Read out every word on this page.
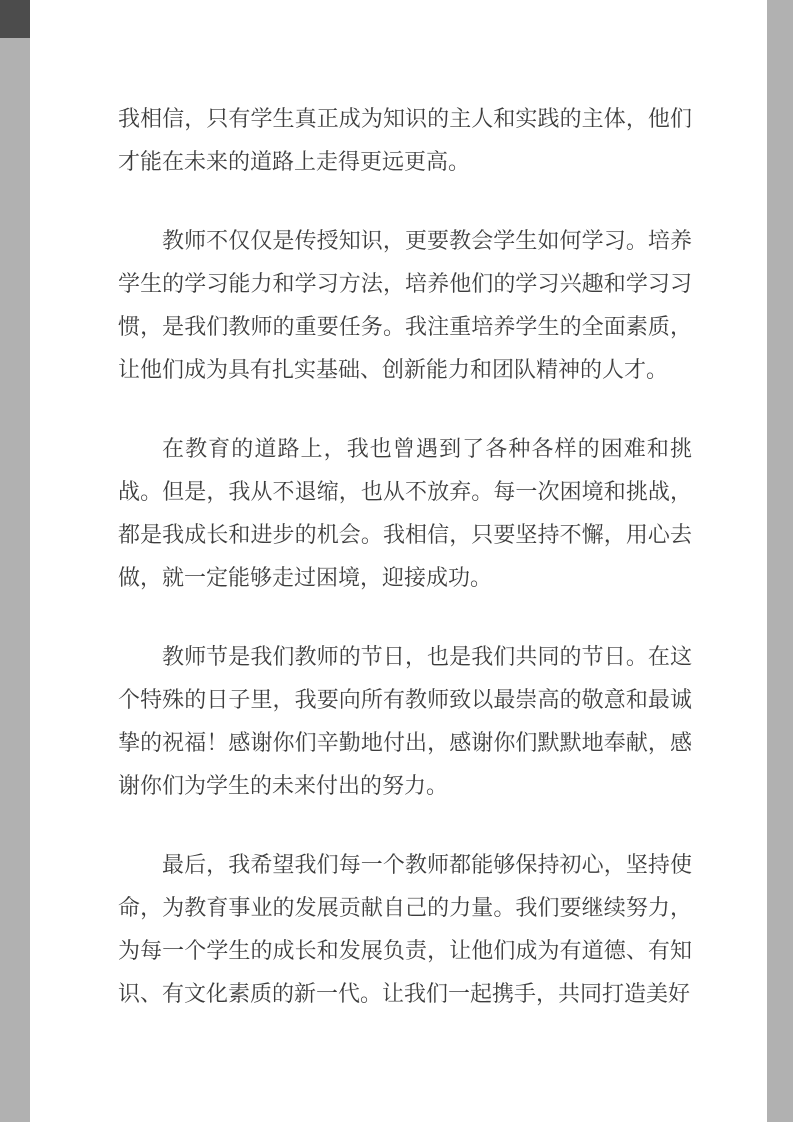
我相信，只有学生真正成为知识的主人和实践的主体，他们才能在未来的道路上走得更远更高。

教师不仅仅是传授知识，更要教会学生如何学习。培养学生的学习能力和学习方法，培养他们的学习兴趣和学习习惯，是我们教师的重要任务。我注重培养学生的全面素质，让他们成为具有扎实基础、创新能力和团队精神的人才。

在教育的道路上，我也曾遇到了各种各样的困难和挑战。但是，我从不退缩，也从不放弃。每一次困境和挑战，都是我成长和进步的机会。我相信，只要坚持不懈，用心去做，就一定能够走过困境，迎接成功。

教师节是我们教师的节日，也是我们共同的节日。在这个特殊的日子里，我要向所有教师致以最崇高的敬意和最诚挚的祝福！感谢你们辛勤地付出，感谢你们默默地奉献，感谢你们为学生的未来付出的努力。

最后，我希望我们每一个教师都能够保持初心，坚持使命，为教育事业的发展贡献自己的力量。我们要继续努力，为每一个学生的成长和发展负责，让他们成为有道德、有知识、有文化素质的新一代。让我们一起携手，共同打造美好
